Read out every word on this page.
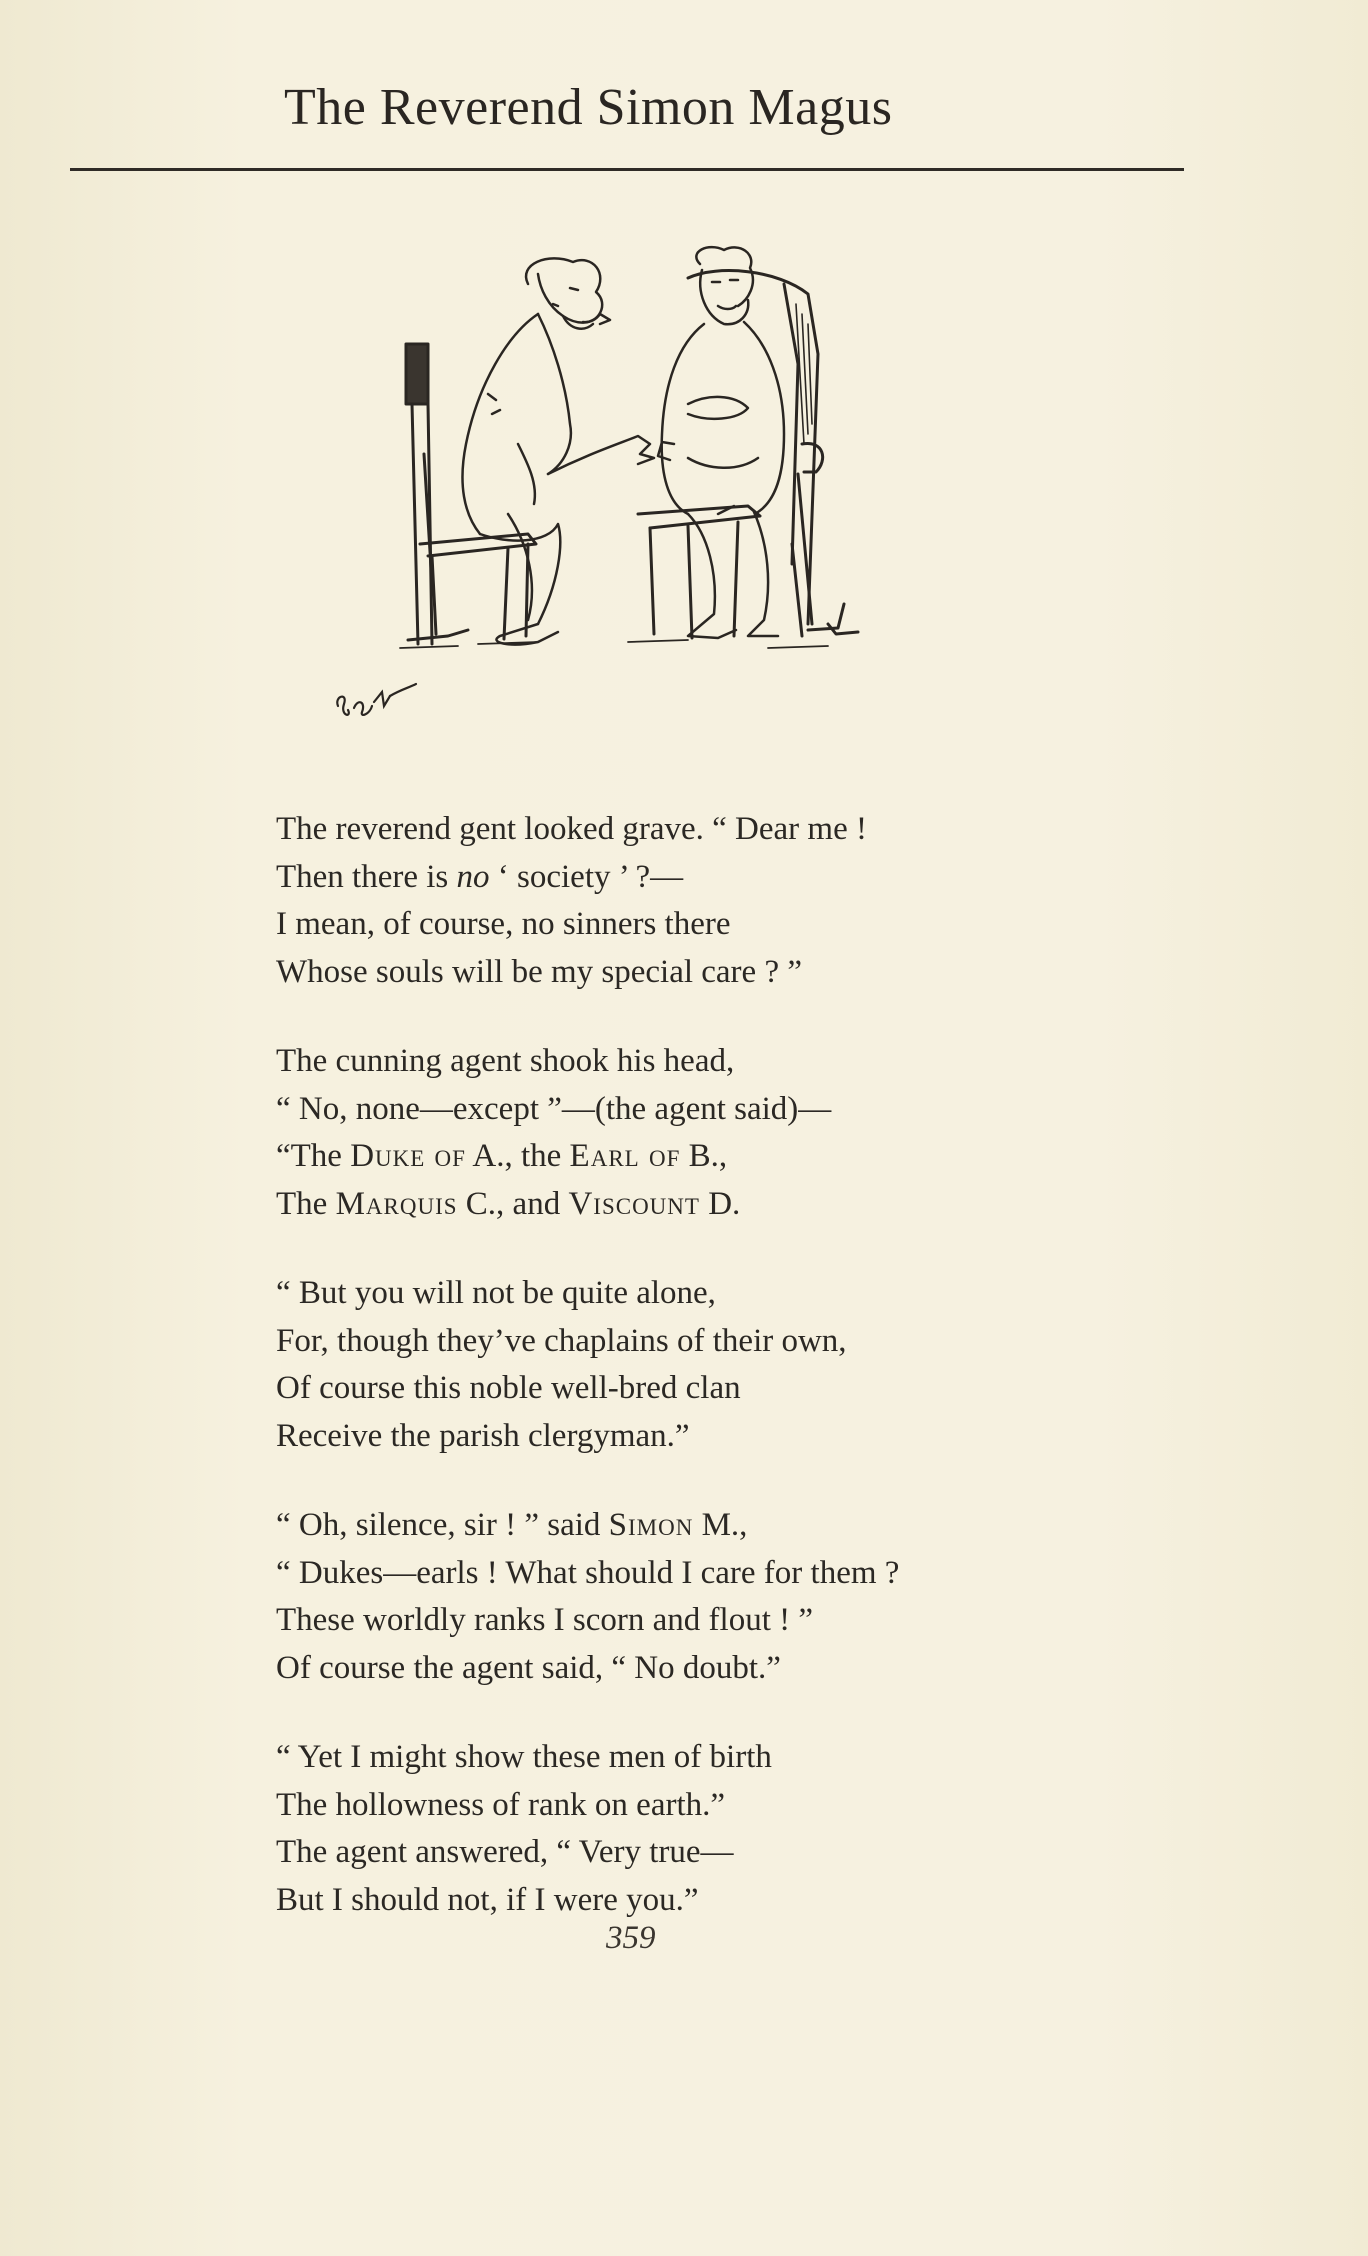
The Reverend Simon Magus
The reverend gent looked grave. “ Dear me !
Then there is no ‘ society ’ ?—
I mean, of course, no sinners there
Whose souls will be my special care ? ”
The cunning agent shook his head,
“ No, none—except ”—(the agent said)—
“The Duke of A., the Earl of B.,
The Marquis C., and Viscount D.
“ But you will not be quite alone,
For, though they’ve chaplains of their own,
Of course this noble well-bred clan
Receive the parish clergyman.”
“ Oh, silence, sir ! ” said Simon M.,
“ Dukes—earls ! What should I care for them ?
These worldly ranks I scorn and flout ! ”
Of course the agent said, “ No doubt.”
“ Yet I might show these men of birth
The hollowness of rank on earth.”
The agent answered, “ Very true—
But I should not, if I were you.”
359
